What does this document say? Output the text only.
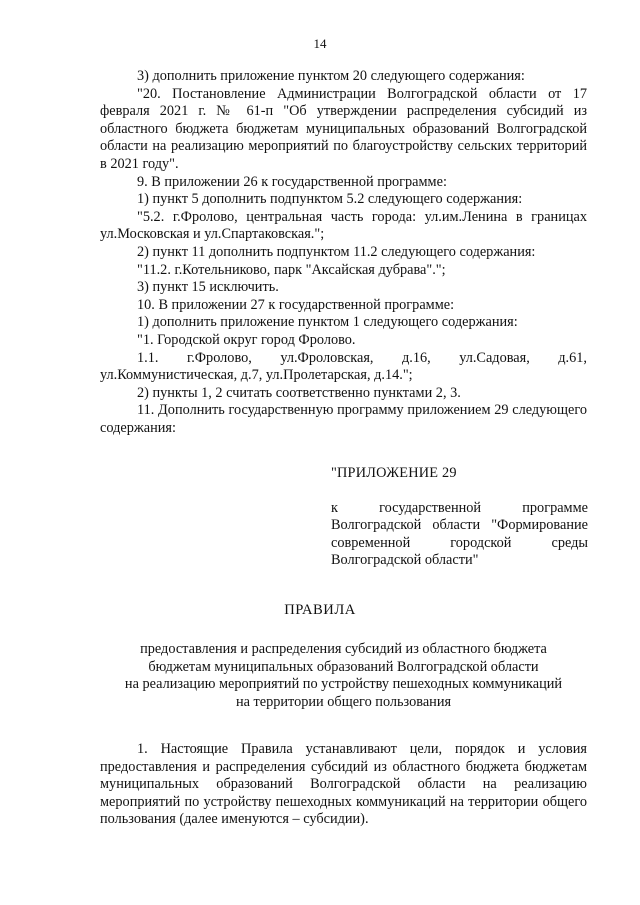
14

3) дополнить приложение пунктом 20 следующего содержания:

"20. Постановление Администрации Волгоградской области от 17 февраля 2021 г. № 61-п "Об утверждении распределения субсидий из областного бюджета бюджетам муниципальных образований Волгоградской области на реализацию мероприятий по благоустройству сельских территорий в 2021 году".

9. В приложении 26 к государственной программе:

1) пункт 5 дополнить подпунктом 5.2 следующего содержания:

"5.2. г.Фролово, центральная часть города: ул.им.Ленина в границах ул.Московская и ул.Спартаковская.";

2) пункт 11 дополнить подпунктом 11.2 следующего содержания:

"11.2. г.Котельниково, парк "Аксайская дубрава".";

3) пункт 15 исключить.

10. В приложении 27 к государственной программе:

1) дополнить приложение пунктом 1 следующего содержания:

"1. Городской округ город Фролово.

1.1. г.Фролово, ул.Фроловская, д.16, ул.Садовая, д.61, ул.Коммунистическая, д.7, ул.Пролетарская, д.14.";

2) пункты 1, 2 считать соответственно пунктами 2, 3.

11. Дополнить государственную программу приложением 29 следующего содержания:

"ПРИЛОЖЕНИЕ 29

к государственной программе Волгоградской области "Формирование современной городской среды Волгоградской области"

ПРАВИЛА
предоставления и распределения субсидий из областного бюджета
бюджетам муниципальных образований Волгоградской области
на реализацию мероприятий по устройству пешеходных коммуникаций
на территории общего пользования

1. Настоящие Правила устанавливают цели, порядок и условия предоставления и распределения субсидий из областного бюджета бюджетам муниципальных образований Волгоградской области на реализацию мероприятий по устройству пешеходных коммуникаций на территории общего пользования (далее именуются – субсидии).
